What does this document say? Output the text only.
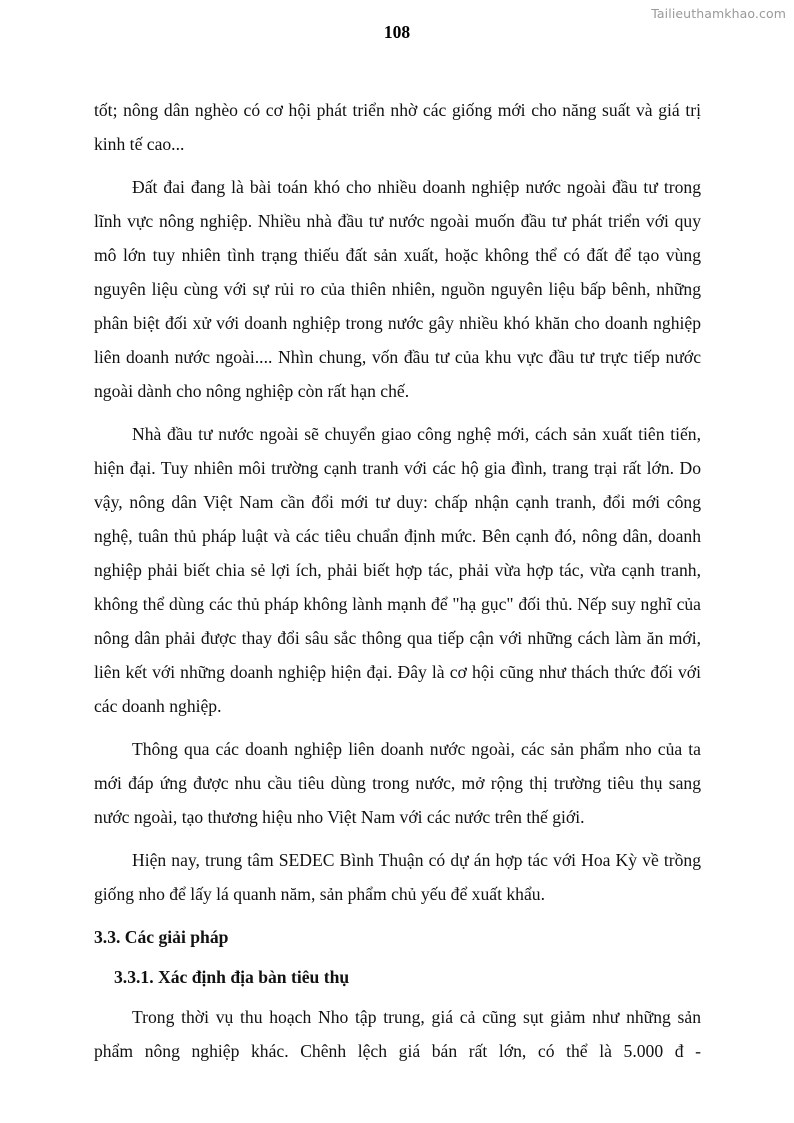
Tailieuthamkhao.com
108

tốt; nông dân nghèo có cơ hội phát triển nhờ các giống mới cho năng suất và giá trị kinh tế cao...

Đất đai đang là bài toán khó cho nhiều doanh nghiệp nước ngoài đầu tư trong lĩnh vực nông nghiệp. Nhiều nhà đầu tư nước ngoài muốn đầu tư phát triển với quy mô lớn tuy nhiên tình trạng thiếu đất sản xuất, hoặc không thể có đất để tạo vùng nguyên liệu cùng với sự rủi ro của thiên nhiên, nguồn nguyên liệu bấp bênh, những phân biệt đối xử với doanh nghiệp trong nước gây nhiều khó khăn cho doanh nghiệp liên doanh nước ngoài.... Nhìn chung, vốn đầu tư của khu vực đầu tư trực tiếp nước ngoài dành cho nông nghiệp còn rất hạn chế.

Nhà đầu tư nước ngoài sẽ chuyển giao công nghệ mới, cách sản xuất tiên tiến, hiện đại. Tuy nhiên môi trường cạnh tranh với các hộ gia đình, trang trại rất lớn. Do vậy, nông dân Việt Nam cần đổi mới tư duy: chấp nhận cạnh tranh, đổi mới công nghệ, tuân thủ pháp luật và các tiêu chuẩn định mức. Bên cạnh đó, nông dân, doanh nghiệp phải biết chia sẻ lợi ích, phải biết hợp tác, phải vừa hợp tác, vừa cạnh tranh, không thể dùng các thủ pháp không lành mạnh để "hạ gục" đối thủ. Nếp suy nghĩ của nông dân phải được thay đổi sâu sắc thông qua tiếp cận với những cách làm ăn mới, liên kết với những doanh nghiệp hiện đại. Đây là cơ hội cũng như thách thức đối với các doanh nghiệp.

Thông qua các doanh nghiệp liên doanh nước ngoài, các sản phẩm nho của ta mới đáp ứng được nhu cầu tiêu dùng trong nước, mở rộng thị trường tiêu thụ sang nước ngoài, tạo thương hiệu nho Việt Nam với các nước trên thế giới.

Hiện nay, trung tâm SEDEC Bình Thuận có dự án hợp tác với Hoa Kỳ về trồng giống nho để lấy lá quanh năm, sản phẩm chủ yếu để xuất khẩu.

3.3. Các giải pháp
3.3.1. Xác định địa bàn tiêu thụ

Trong thời vụ thu hoạch Nho tập trung, giá cả cũng sụt giảm như những sản phẩm nông nghiệp khác. Chênh lệch giá bán rất lớn, có thể là 5.000 đ -
